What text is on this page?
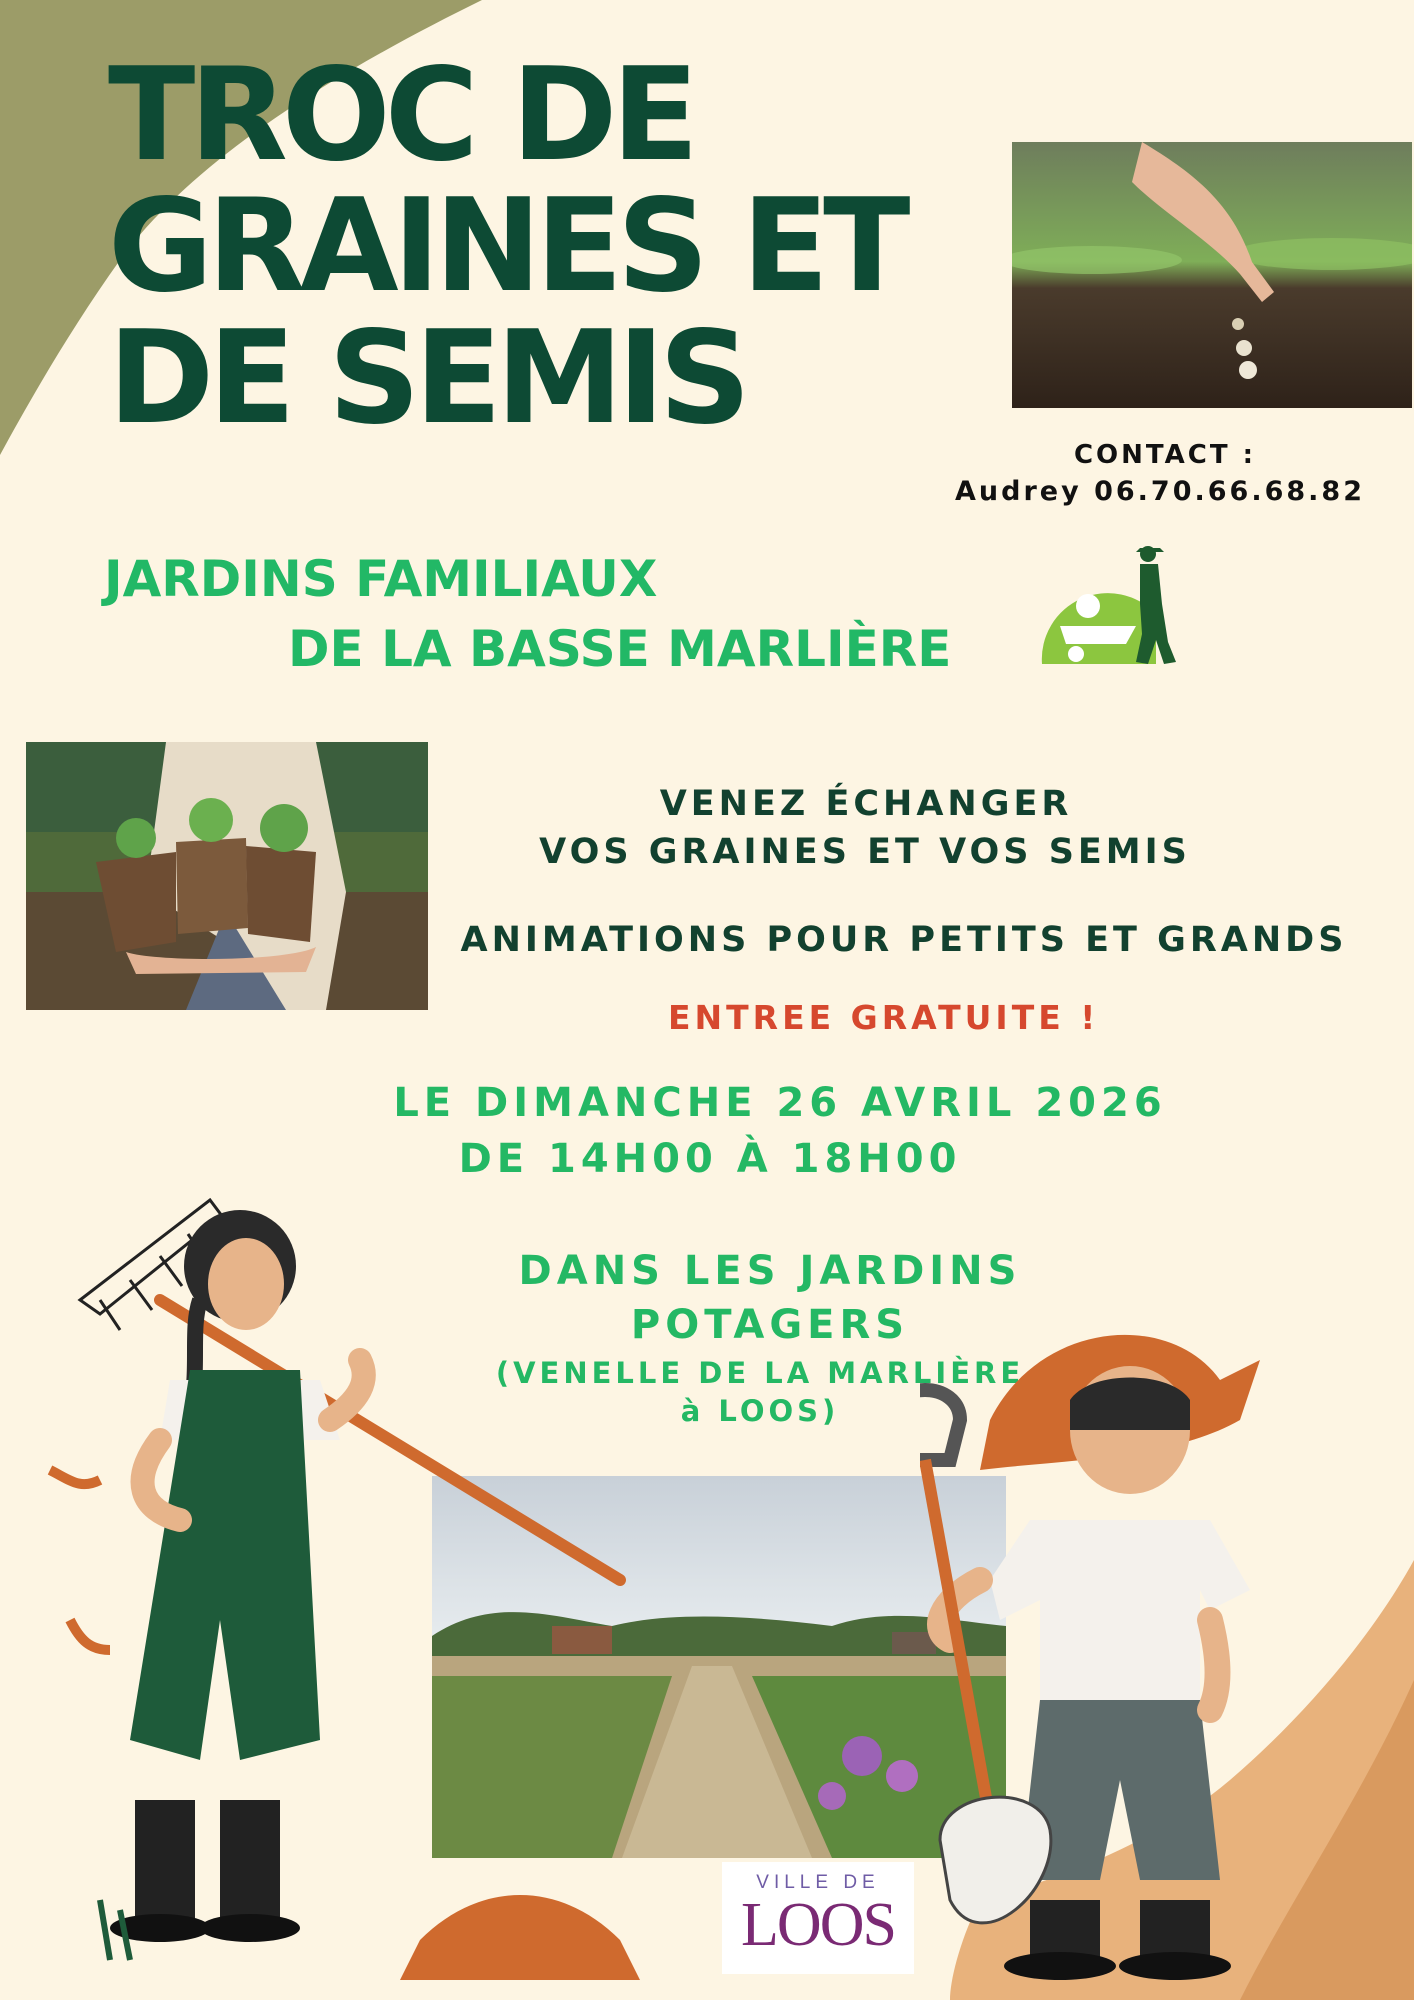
TROC DE
GRAINES ET
DE SEMIS
CONTACT :
Audrey 06.70.66.68.82
JARDINS FAMILIAUX
DE LA BASSE MARLIÈRE

VENEZ ÉCHANGER

VOS GRAINES ET VOS SEMIS

ANIMATIONS POUR PETITS ET GRANDS

ENTREE GRATUITE !

LE DIMANCHE 26 AVRIL 2026

DE 14H00 À 18H00

DANS LES JARDINS

POTAGERS

(VENELLE DE LA MARLIÈRE

à LOOS)

VILLE DE
LOOS
